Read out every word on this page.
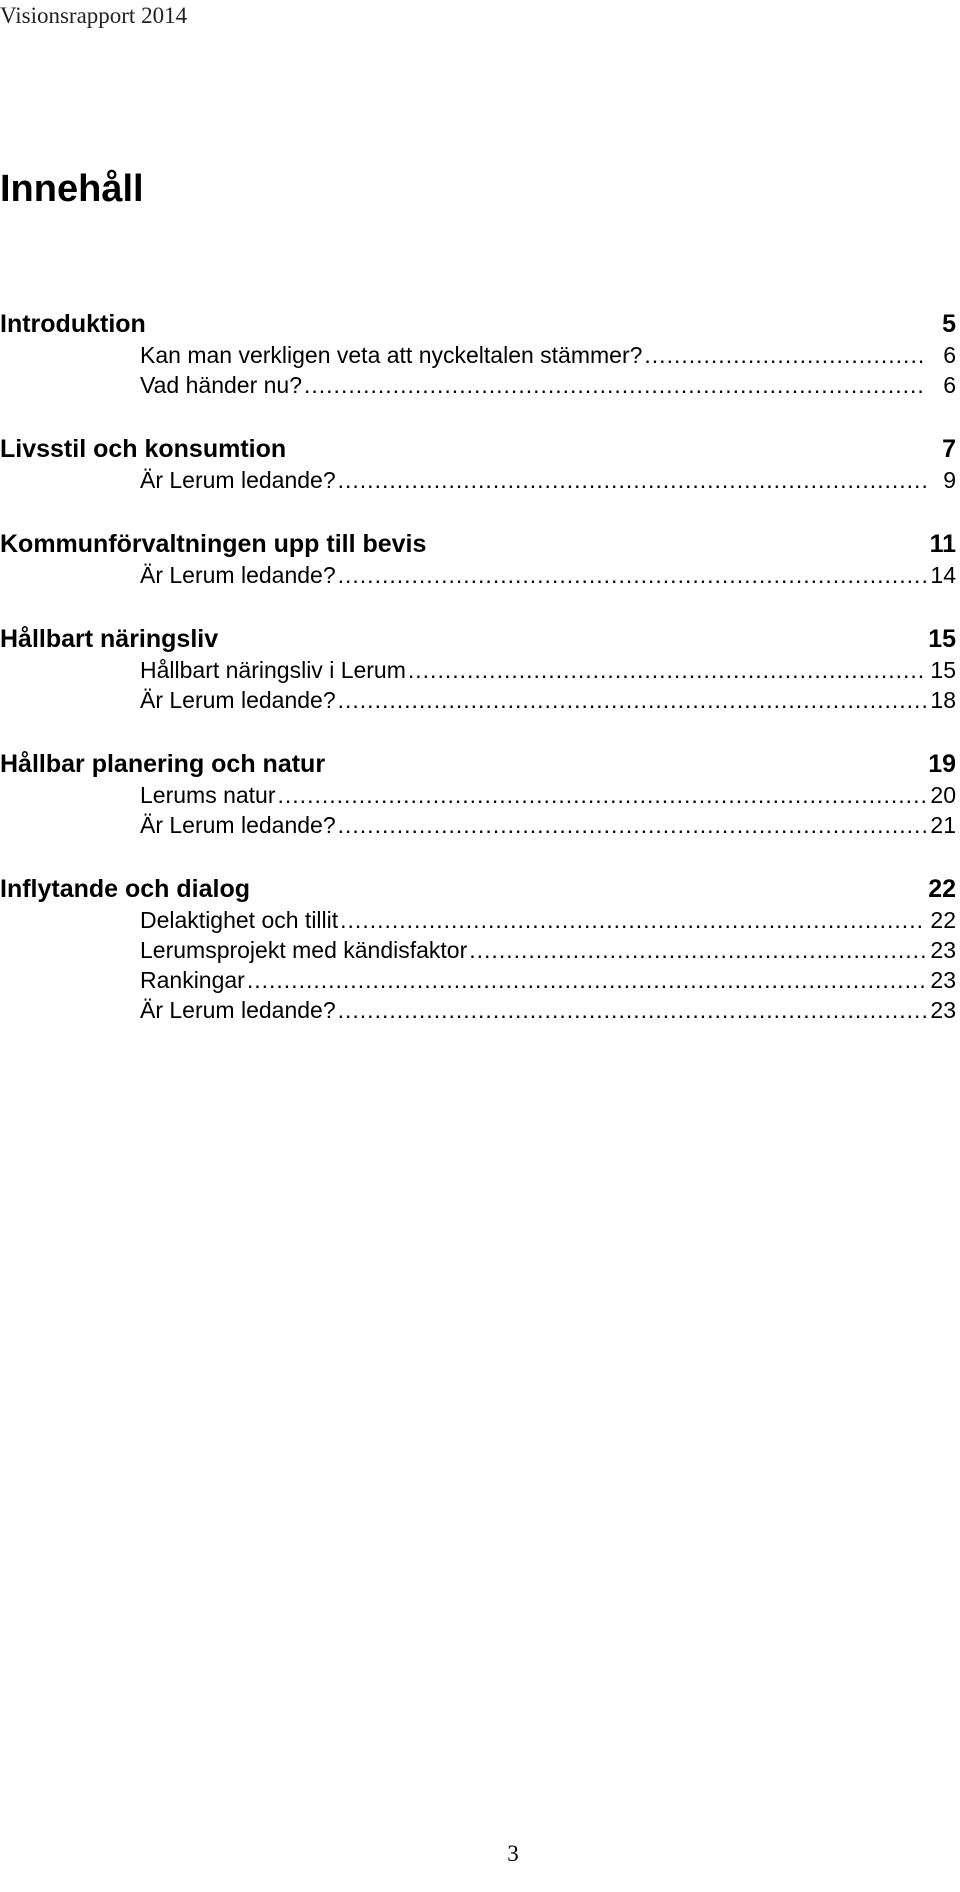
Visionsrapport 2014
Innehåll
Introduktion	5
Kan man verkligen veta att nyckeltalen stämmer? .....	6
Vad händer nu? .....	6
Livsstil och konsumtion	7
Är Lerum ledande? .....	9
Kommunförvaltningen upp till bevis	11
Är Lerum ledande? .....	14
Hållbart näringsliv	15
Hållbart näringsliv i Lerum .....	15
Är Lerum ledande? .....	18
Hållbar planering och natur	19
Lerums natur .....	20
Är Lerum ledande? .....	21
Inflytande och dialog	22
Delaktighet och tillit .....	22
Lerumsprojekt med kändisfaktor .....	23
Rankingar .....	23
Är Lerum ledande? .....	23
3
